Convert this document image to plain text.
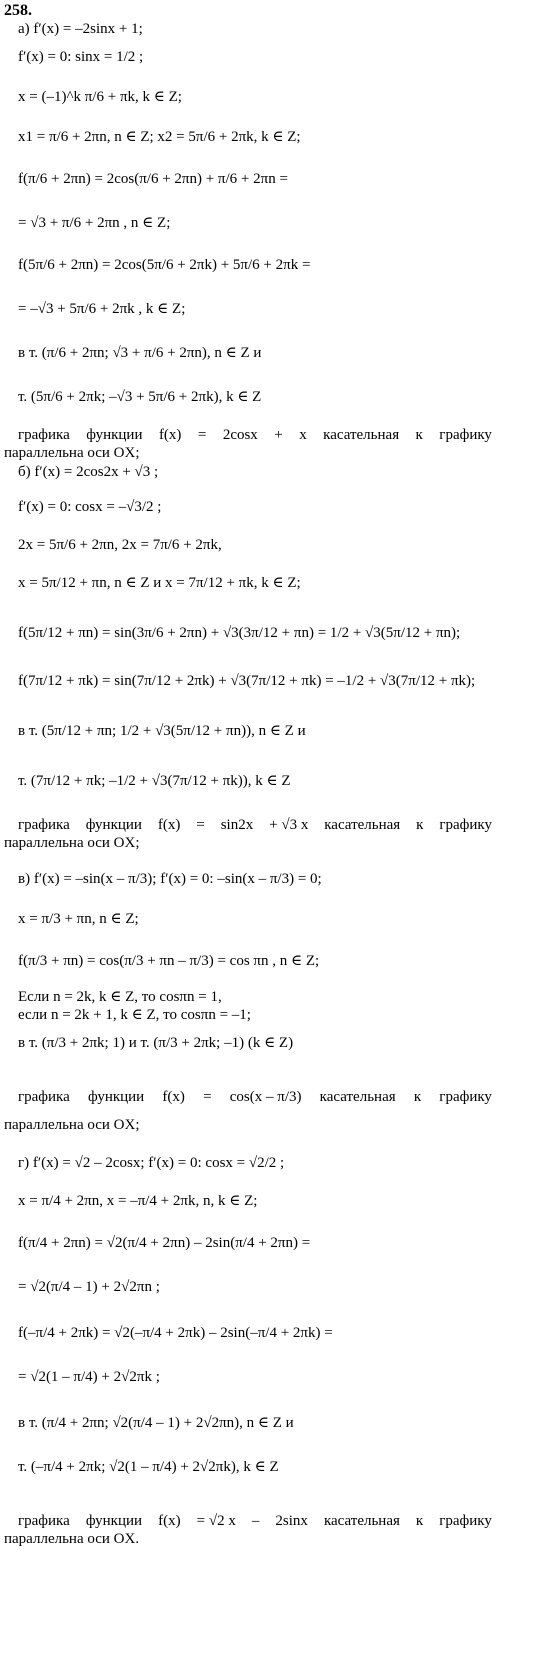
258.
а) f′(x) = –2sinx + 1;
f′(x) = 0: sinx = 1/2 ;
x = (–1)^k π/6 + πk, k ∈ Z;
x1 = π/6 + 2πn, n ∈ Z; x2 = 5π/6 + 2πk, k ∈ Z;
f(π/6 + 2πn) = 2cos(π/6 + 2πn) + π/6 + 2πn =
= √3 + π/6 + 2πn , n ∈ Z;
f(5π/6 + 2πn) = 2cos(5π/6 + 2πk) + 5π/6 + 2πk =
= –√3 + 5π/6 + 2πk , k ∈ Z;
в т. (π/6 + 2πn; √3 + π/6 + 2πn), n ∈ Z и
т. (5π/6 + 2πk; –√3 + 5π/6 + 2πk), k ∈ Z
б) f′(x) = 2cos2x + √3 ;
f′(x) = 0: cosx = –√3/2 ;
2x = 5π/6 + 2πn, 2x = 7π/6 + 2πk,
x = 5π/12 + πn, n ∈ Z и x = 7π/12 + πk, k ∈ Z;
f(5π/12 + πn) = sin(3π/6 + 2πn) + √3(3π/12 + πn) = 1/2 + √3(5π/12 + πn);
f(7π/12 + πk) = sin(7π/12 + 2πk) + √3(7π/12 + πk) = –1/2 + √3(7π/12 + πk);
в т. (5π/12 + πn; 1/2 + √3(5π/12 + πn)), n ∈ Z и
т. (7π/12 + πk; –1/2 + √3(7π/12 + πk)), k ∈ Z
в) f′(x) = –sin(x – π/3); f′(x) = 0: –sin(x – π/3) = 0;
x = π/3 + πn, n ∈ Z;
f(π/3 + πn) = cos(π/3 + πn – π/3) = cos πn , n ∈ Z;
Если n = 2k, k ∈ Z, то cosπn = 1,
если n = 2k + 1, k ∈ Z, то cosπn = –1;
в т. (π/3 + 2πk; 1) и т. (π/3 + 2πk; –1) (k ∈ Z)
г) f′(x) = √2 – 2cosx; f′(x) = 0: cosx = √2/2 ;
x = π/4 + 2πn, x = –π/4 + 2πk, n, k ∈ Z;
f(π/4 + 2πn) = √2(π/4 + 2πn) – 2sin(π/4 + 2πn) =
= √2(π/4 – 1) + 2√2πn ;
f(–π/4 + 2πk) = √2(–π/4 + 2πk) – 2sin(–π/4 + 2πk) =
= √2(1 – π/4) + 2√2πk ;
в т. (π/4 + 2πn; √2(π/4 – 1) + 2√2πn), n ∈ Z и
т. (–π/4 + 2πk; √2(1 – π/4) + 2√2πk), k ∈ Z
графика функции f(x) = 2cosx + x касательная к графику
графика функции f(x) = sin2x + √3 x касательная к графику
графика функции f(x) = cos(x – π/3) касательная к графику
графика функции f(x) = √2 x – 2sinx касательная к графику
параллельна оси OX;
параллельна оси OX;
параллельна оси OX;
параллельна оси OX.
